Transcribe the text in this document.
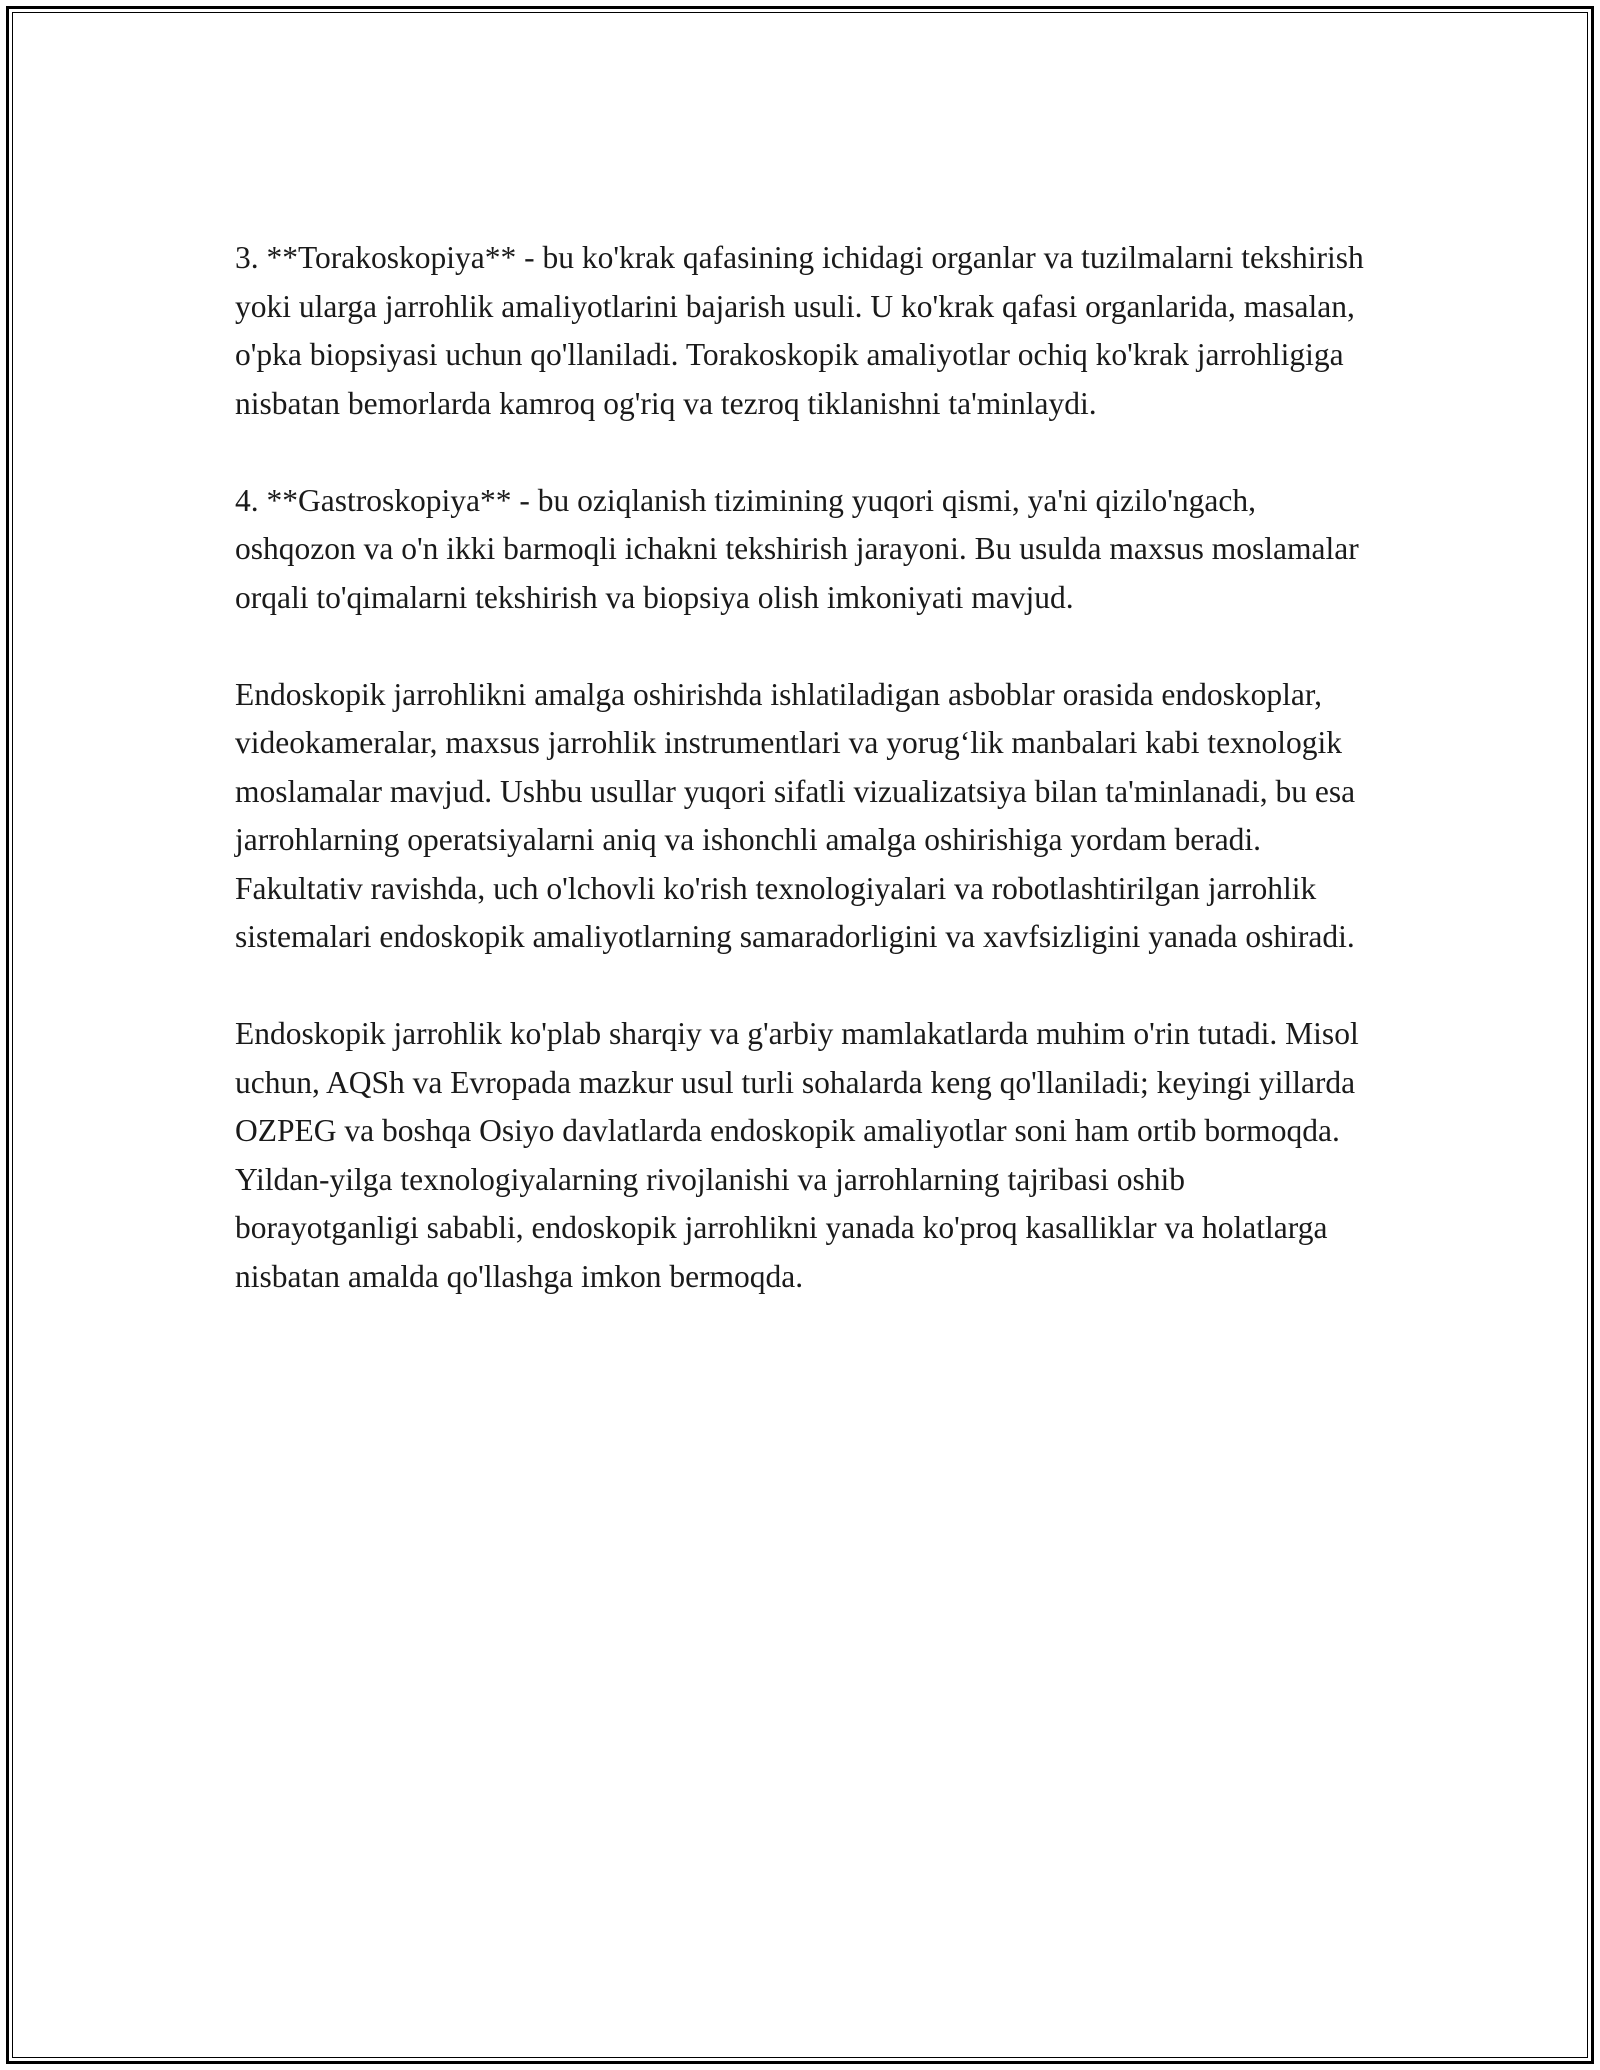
3. **Torakoskopiya** - bu ko'krak qafasining ichidagi organlar va tuzilmalarni tekshirish yoki ularga jarrohlik amaliyotlarini bajarish usuli. U ko'krak qafasi organlarida, masalan, o'pka biopsiyasi uchun qo'llaniladi. Torakoskopik amaliyotlar ochiq ko'krak jarrohligiga nisbatan bemorlarda kamroq og'riq va tezroq tiklanishni ta'minlaydi.

4. **Gastroskopiya** - bu oziqlanish tizimining yuqori qismi, ya'ni qizilo'ngach, oshqozon va o'n ikki barmoqli ichakni tekshirish jarayoni. Bu usulda maxsus moslamalar orqali to'qimalarni tekshirish va biopsiya olish imkoniyati mavjud.

Endoskopik jarrohlikni amalga oshirishda ishlatiladigan asboblar orasida endoskoplar, videokameralar, maxsus jarrohlik instrumentlari va yorug‘lik manbalari kabi texnologik moslamalar mavjud. Ushbu usullar yuqori sifatli vizualizatsiya bilan ta'minlanadi, bu esa jarrohlarning operatsiyalarni aniq va ishonchli amalga oshirishiga yordam beradi. Fakultativ ravishda, uch o'lchovli ko'rish texnologiyalari va robotlashtirilgan jarrohlik sistemalari endoskopik amaliyotlarning samaradorligini va xavfsizligini yanada oshiradi.

Endoskopik jarrohlik ko'plab sharqiy va g'arbiy mamlakatlarda muhim o'rin tutadi. Misol uchun, AQSh va Evropada mazkur usul turli sohalarda keng qo'llaniladi; keyingi yillarda OZPEG va boshqa Osiyo davlatlarda endoskopik amaliyotlar soni ham ortib bormoqda. Yildan-yilga texnologiyalarning rivojlanishi va jarrohlarning tajribasi oshib borayotganligi sababli, endoskopik jarrohlikni yanada ko'proq kasalliklar va holatlarga nisbatan amalda qo'llashga imkon bermoqda.
